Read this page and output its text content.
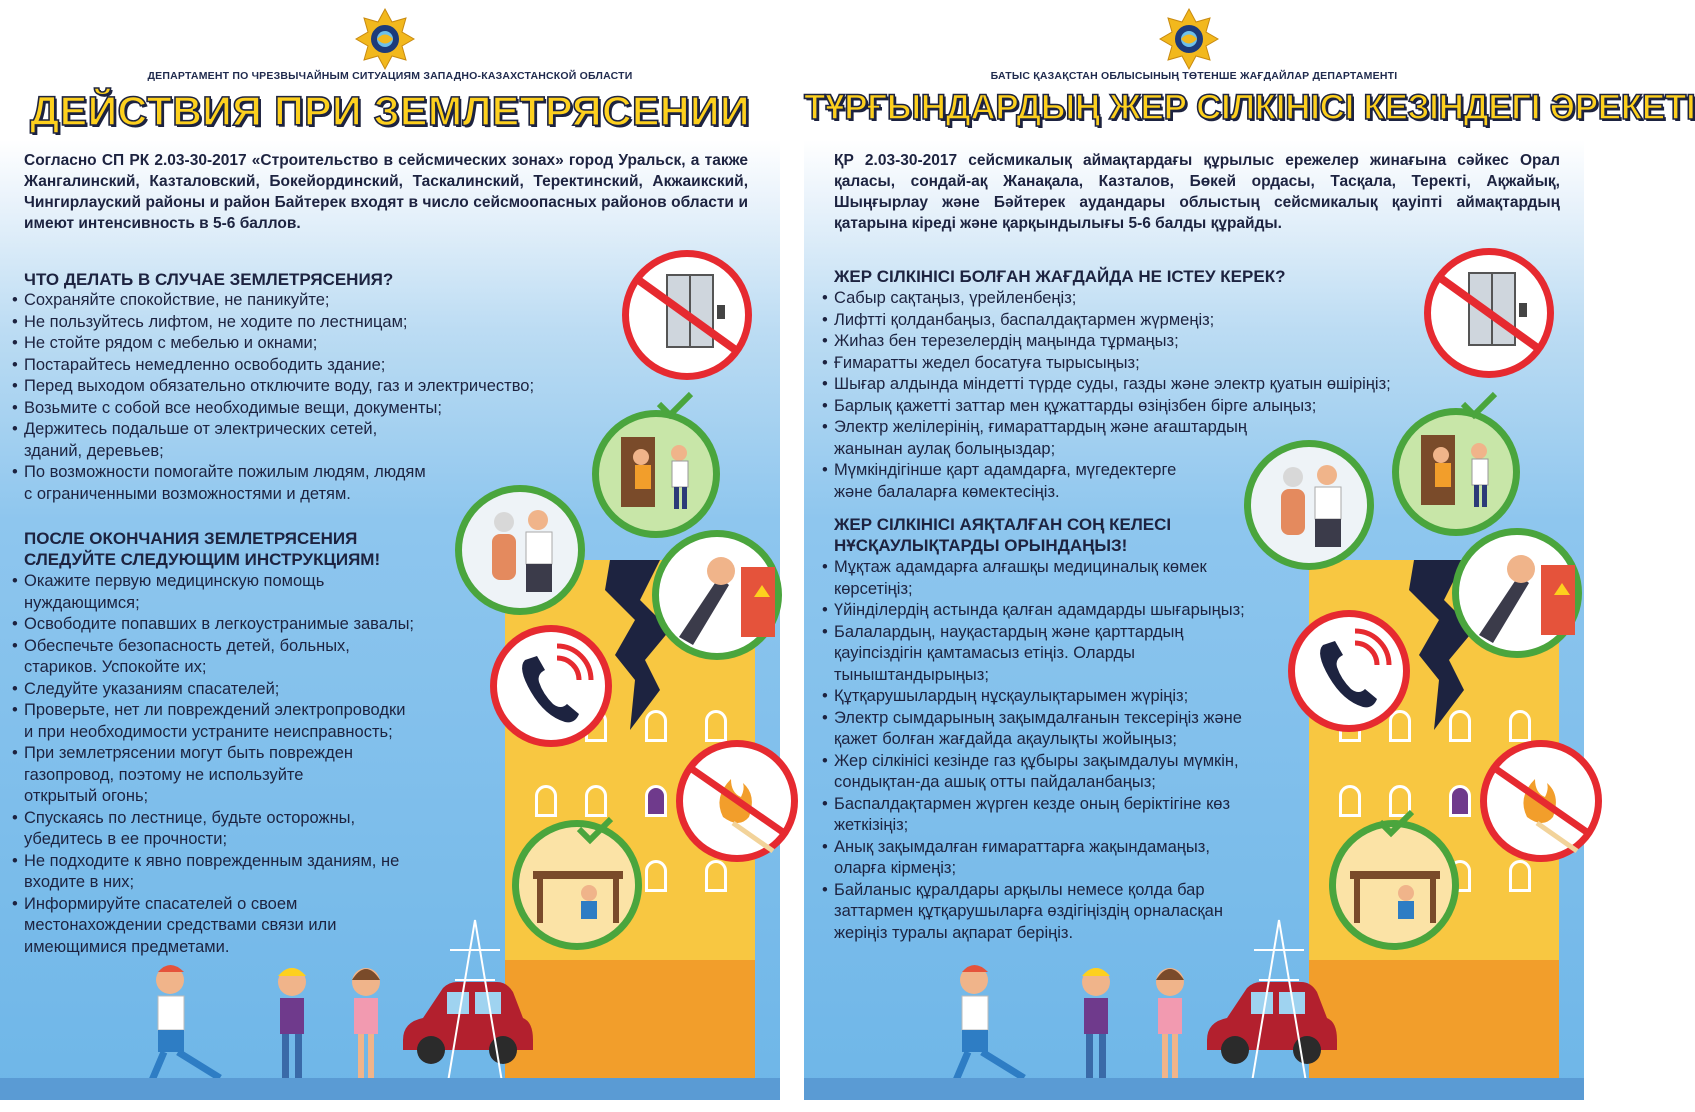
ДЕПАРТАМЕНТ ПО ЧРЕЗВЫЧАЙНЫМ СИТУАЦИЯМ ЗАПАДНО-КАЗАХСТАНСКОЙ ОБЛАСТИ
ДЕЙСТВИЯ ПРИ ЗЕМЛЕТРЯСЕНИИ
Согласно СП РК 2.03-30-2017 «Строительство в сейсмических зонах» город Уральск, а также Жангалинский, Казталовский, Бокейординский, Таскалинский, Теректинский, Акжаикский, Чингирлауский районы и район Байтерек входят в число сейсмоопасных районов области и имеют интенсивность в 5-6 баллов.
ЧТО ДЕЛАТЬ В СЛУЧАЕ ЗЕМЛЕТРЯСЕНИЯ?
• Сохраняйте спокойствие, не паникуйте;
• Не пользуйтесь лифтом, не ходите по лестницам;
• Не стойте рядом с мебелью и окнами;
• Постарайтесь немедленно освободить здание;
• Перед выходом обязательно отключите воду, газ и электричество;
• Возьмите с собой все необходимые вещи, документы;
• Держитесь подальше от электрических сетей,
зданий, деревьев;
• По возможности помогайте пожилым людям, людям
с ограниченными возможностями и детям.
ПОСЛЕ ОКОНЧАНИЯ ЗЕМЛЕТРЯСЕНИЯ
СЛЕДУЙТЕ СЛЕДУЮЩИМ ИНСТРУКЦИЯМ!
• Окажите первую медицинскую помощь
нуждающимся;
• Освободите попавших в легкоустранимые завалы;
• Обеспечьте безопасность детей, больных,
стариков. Успокойте их;
• Следуйте указаниям спасателей;
• Проверьте, нет ли повреждений электропроводки
и при необходимости устраните неисправность;
• При землетрясении могут быть поврежден
газопровод, поэтому не используйте
открытый огонь;
• Спускаясь по лестнице, будьте осторожны,
убедитесь в ее прочности;
• Не подходите к явно поврежденным зданиям, не
входите в них;
• Информируйте спасателей о своем
местонахождении средствами связи или
имеющимися предметами.
БАТЫС ҚАЗАҚСТАН ОБЛЫСЫНЫҢ ТӨТЕНШЕ ЖАҒДАЙЛАР ДЕПАРТАМЕНТІ
ТҰРҒЫНДАРДЫҢ ЖЕР СІЛКІНІСІ КЕЗІНДЕГІ ӘРЕКЕТІ
ҚР 2.03-30-2017 сейсмикалық аймақтардағы құрылыс ережелер жинағына сәйкес Орал қаласы, сондай-ақ Жанақала, Казталов, Бөкей ордасы, Тасқала, Теректі, Ақжайық, Шыңғырлау және Бәйтерек аудандары облыстың сейсмикалық қауіпті аймақтардың қатарына кіреді және қарқындылығы 5-6 балды құрайды.
ЖЕР СІЛКІНІСІ БОЛҒАН ЖАҒДАЙДА НЕ ІСТЕУ КЕРЕК?
• Сабыр сақтаңыз, үрейленбеңіз;
• Лифтті қолданбаңыз, баспалдақтармен жүрмеңіз;
• Жиһаз бен терезелердің маңында тұрмаңыз;
• Ғимаратты жедел босатуға тырысыңыз;
• Шығар алдында міндетті түрде суды, газды және электр қуатын өшіріңіз;
• Барлық қажетті заттар мен құжаттарды өзіңізбен бірге алыңыз;
• Электр желілерінің, ғимараттардың және ағаштардың
жанынан аулақ болыңыздар;
• Мүмкіндігінше қарт адамдарға, мүгедектерге
және балаларға көмектесіңіз.
ЖЕР СІЛКІНІСІ АЯҚТАЛҒАН СОҢ КЕЛЕСІ
НҰСҚАУЛЫҚТАРДЫ ОРЫНДАҢЫЗ!
• Мұқтаж адамдарға алғашқы медициналық көмек
көрсетіңіз;
• Үйінділердің астында қалған адамдарды шығарыңыз;
• Балалардың, науқастардың және қарттардың
қауіпсіздігін қамтамасыз етіңіз. Оларды
тыныштандырыңыз;
• Құтқарушылардың нұсқаулықтарымен жүріңіз;
• Электр сымдарының зақымдалғанын тексеріңіз және
қажет болған жағдайда ақаулықты жойыңыз;
• Жер сілкінісі кезінде газ құбыры зақымдалуы мүмкін,
сондықтан-да ашық отты пайдаланбаңыз;
• Баспалдақтармен жүрген кезде оның беріктігіне көз
жеткізіңіз;
• Анық зақымдалған ғимараттарға жақындамаңыз,
оларға кірмеңіз;
• Байланыс құралдары арқылы немесе қолда бар
заттармен құтқарушыларға өздігіңіздің орналасқан
жеріңіз туралы ақпарат беріңіз.
